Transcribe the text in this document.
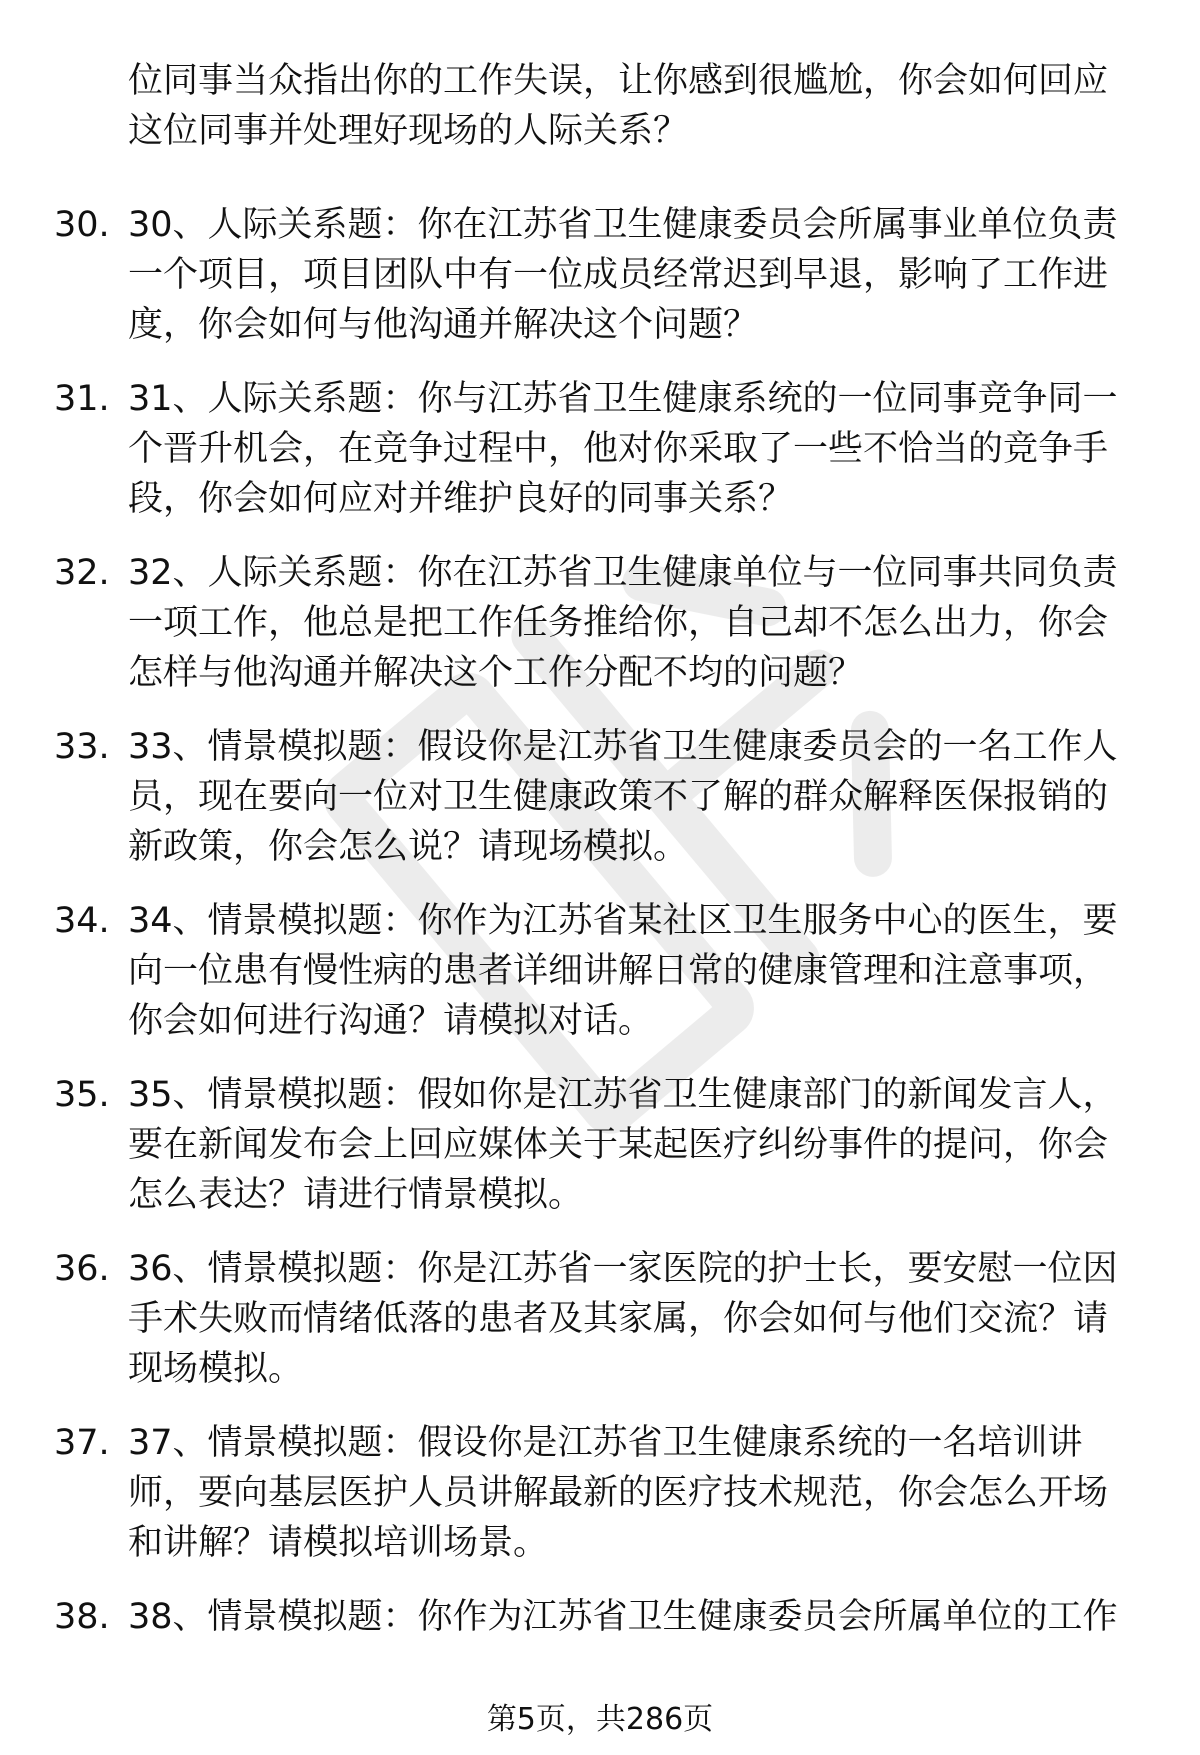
位同事当众指出你的工作失误，让你感到很尴尬，你会如何回应
这位同事并处理好现场的人际关系？
30. 30、人际关系题：你在江苏省卫生健康委员会所属事业单位负责
一个项目，项目团队中有一位成员经常迟到早退，影响了工作进
度，你会如何与他沟通并解决这个问题？
31. 31、人际关系题：你与江苏省卫生健康系统的一位同事竞争同一
个晋升机会，在竞争过程中，他对你采取了一些不恰当的竞争手
段，你会如何应对并维护良好的同事关系？
32. 32、人际关系题：你在江苏省卫生健康单位与一位同事共同负责
一项工作，他总是把工作任务推给你，自己却不怎么出力，你会
怎样与他沟通并解决这个工作分配不均的问题？
33. 33、情景模拟题：假设你是江苏省卫生健康委员会的一名工作人
员，现在要向一位对卫生健康政策不了解的群众解释医保报销的
新政策，你会怎么说？请现场模拟。
34. 34、情景模拟题：你作为江苏省某社区卫生服务中心的医生，要
向一位患有慢性病的患者详细讲解日常的健康管理和注意事项，
你会如何进行沟通？请模拟对话。
35. 35、情景模拟题：假如你是江苏省卫生健康部门的新闻发言人，
要在新闻发布会上回应媒体关于某起医疗纠纷事件的提问，你会
怎么表达？请进行情景模拟。
36. 36、情景模拟题：你是江苏省一家医院的护士长，要安慰一位因
手术失败而情绪低落的患者及其家属，你会如何与他们交流？请
现场模拟。
37. 37、情景模拟题：假设你是江苏省卫生健康系统的一名培训讲
师，要向基层医护人员讲解最新的医疗技术规范，你会怎么开场
和讲解？请模拟培训场景。
38. 38、情景模拟题：你作为江苏省卫生健康委员会所属单位的工作
第5页，共286页
